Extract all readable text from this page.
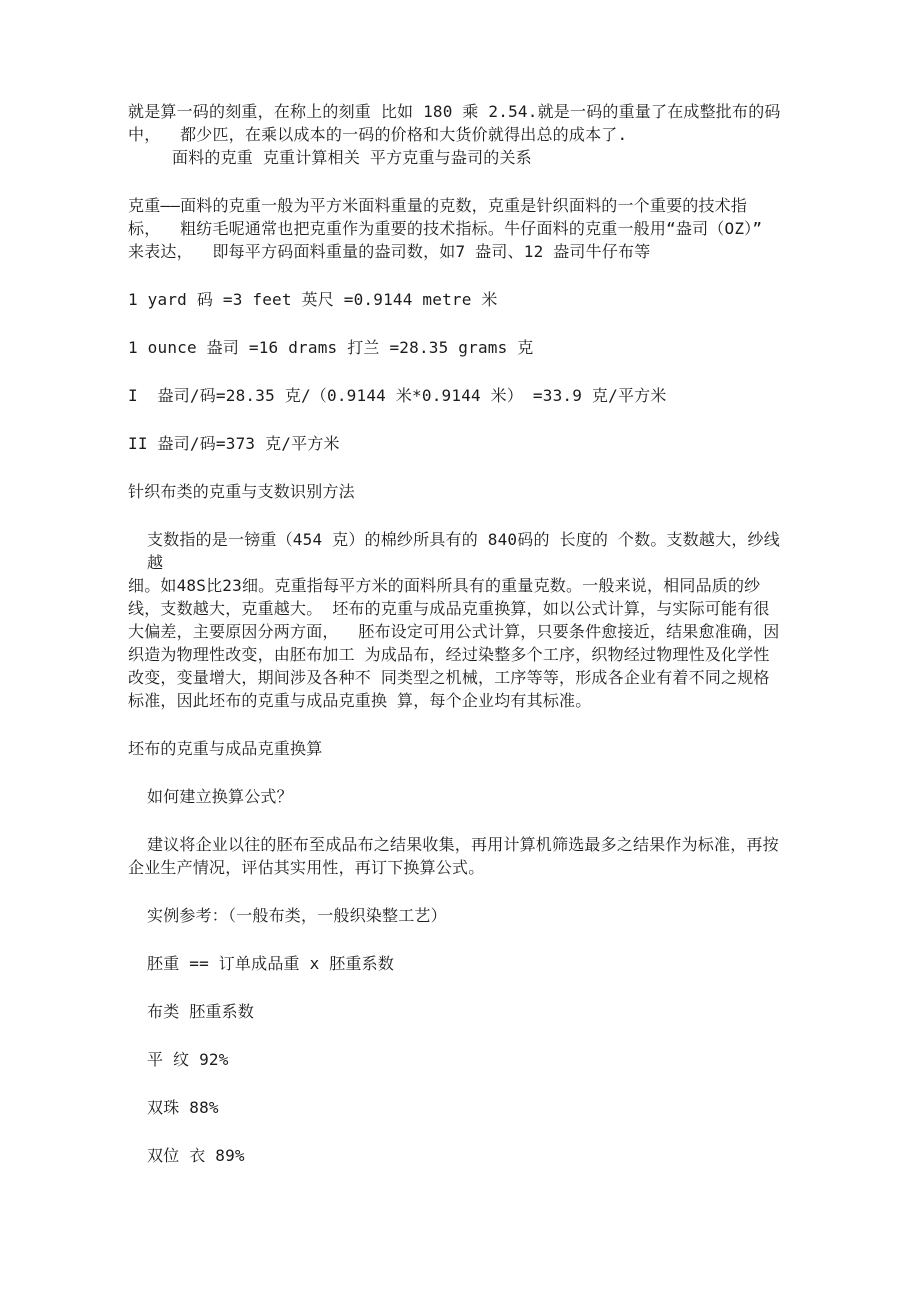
就是算一码的刻重，在称上的刻重 比如 180 乘 2.54.就是一码的重量了在成整批布的码
中，  都少匹，在乘以成本的一码的价格和大货价就得出总的成本了.
面料的克重 克重计算相关 平方克重与盎司的关系
克重——面料的克重一般为平方米面料重量的克数，克重是针织面料的一个重要的技术指
标，  粗纺毛呢通常也把克重作为重要的技术指标。牛仔面料的克重一般用“盎司（OZ）”
来表达，  即每平方码面料重量的盎司数，如7 盎司、12 盎司牛仔布等
1 yard 码 =3 feet 英尺 =0.9144 metre 米
1 ounce 盎司 =16 drams 打兰 =28.35 grams 克
I  盎司/码=28.35 克/（0.9144 米*0.9144 米） =33.9 克/平方米
II 盎司/码=373 克/平方米
针织布类的克重与支数识别方法
支数指的是一镑重（454 克）的棉纱所具有的 840码的 长度的 个数。支数越大，纱线越
细。如48S比23细。克重指每平方米的面料所具有的重量克数。一般来说，相同品质的纱
线，支数越大，克重越大。 坯布的克重与成品克重换算，如以公式计算，与实际可能有很
大偏差，主要原因分两方面，  胚布设定可用公式计算，只要条件愈接近，结果愈准确，因
织造为物理性改变，由胚布加工 为成品布，经过染整多个工序，织物经过物理性及化学性
改变，变量增大，期间涉及各种不 同类型之机械，工序等等，形成各企业有着不同之规格
标准，因此坯布的克重与成品克重换 算，每个企业均有其标准。
坯布的克重与成品克重换算
如何建立换算公式？
建议将企业以往的胚布至成品布之结果收集，再用计算机筛选最多之结果作为标准，再按
企业生产情况，评估其实用性，再订下换算公式。
实例参考：（一般布类，一般织染整工艺）
胚重 == 订单成品重 x 胚重系数
布类 胚重系数
平 纹 92%
双珠 88%
双位 衣 89%
